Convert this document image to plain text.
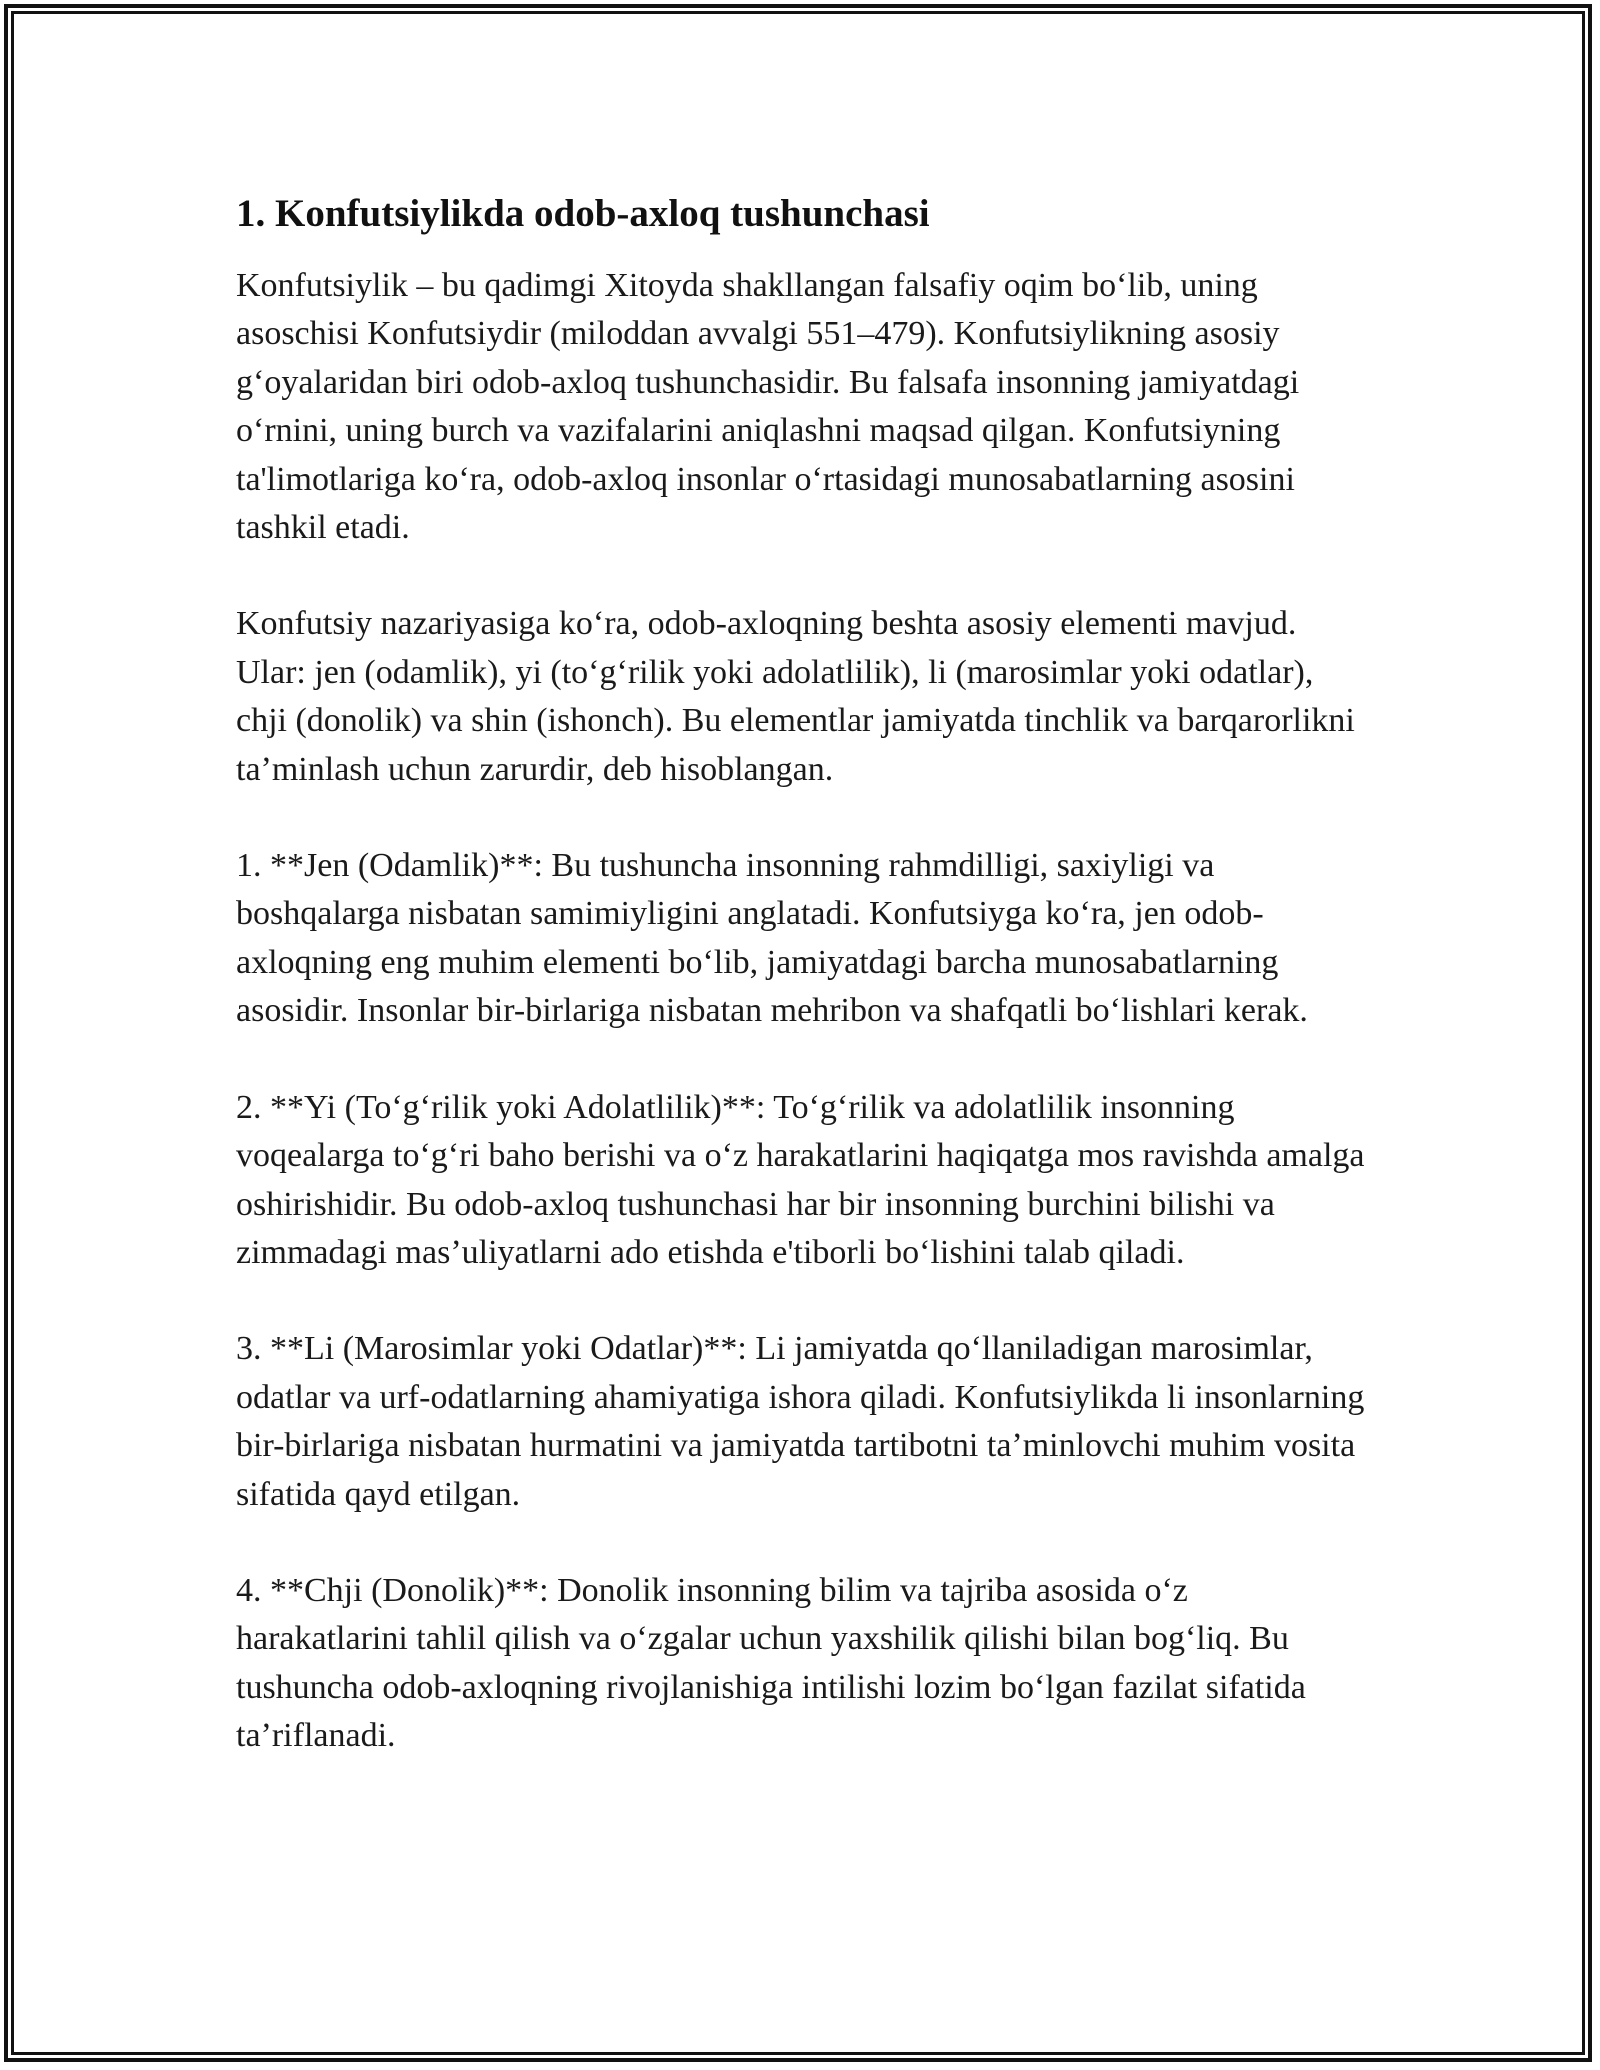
1. Konfutsiylikda odob-axloq tushunchasi

Konfutsiylik – bu qadimgi Xitoyda shakllangan falsafiy oqim boʻlib, uning asoschisi Konfutsiydir (miloddan avvalgi 551–479). Konfutsiylikning asosiy gʻoyalaridan biri odob-axloq tushunchasidir. Bu falsafa insonning jamiyatdagi oʻrnini, uning burch va vazifalarini aniqlashni maqsad qilgan. Konfutsiyning ta'limotlariga koʻra, odob-axloq insonlar oʻrtasidagi munosabatlarning asosini tashkil etadi.

Konfutsiy nazariyasiga koʻra, odob-axloqning beshta asosiy elementi mavjud. Ular: jen (odamlik), yi (toʻgʻrilik yoki adolatlilik), li (marosimlar yoki odatlar), chji (donolik) va shin (ishonch). Bu elementlar jamiyatda tinchlik va barqarorlikni taʼminlash uchun zarurdir, deb hisoblangan.

1. **Jen (Odamlik)**: Bu tushuncha insonning rahmdilligi, saxiyligi va boshqalarga nisbatan samimiyligini anglatadi. Konfutsiyga koʻra, jen odob-axloqning eng muhim elementi boʻlib, jamiyatdagi barcha munosabatlarning asosidir. Insonlar bir-birlariga nisbatan mehribon va shafqatli boʻlishlari kerak.

2. **Yi (Toʻgʻrilik yoki Adolatlilik)**: Toʻgʻrilik va adolatlilik insonning voqealarga toʻgʻri baho berishi va oʻz harakatlarini haqiqatga mos ravishda amalga oshirishidir. Bu odob-axloq tushunchasi har bir insonning burchini bilishi va zimmadagi masʼuliyatlarni ado etishda e'tiborli boʻlishini talab qiladi.

3. **Li (Marosimlar yoki Odatlar)**: Li jamiyatda qoʻllaniladigan marosimlar, odatlar va urf-odatlarning ahamiyatiga ishora qiladi. Konfutsiylikda li insonlarning bir-birlariga nisbatan hurmatini va jamiyatda tartibotni taʼminlovchi muhim vosita sifatida qayd etilgan.

4. **Chji (Donolik)**: Donolik insonning bilim va tajriba asosida oʻz harakatlarini tahlil qilish va oʻzgalar uchun yaxshilik qilishi bilan bogʻliq. Bu tushuncha odob-axloqning rivojlanishiga intilishi lozim boʻlgan fazilat sifatida taʼriflanadi.
